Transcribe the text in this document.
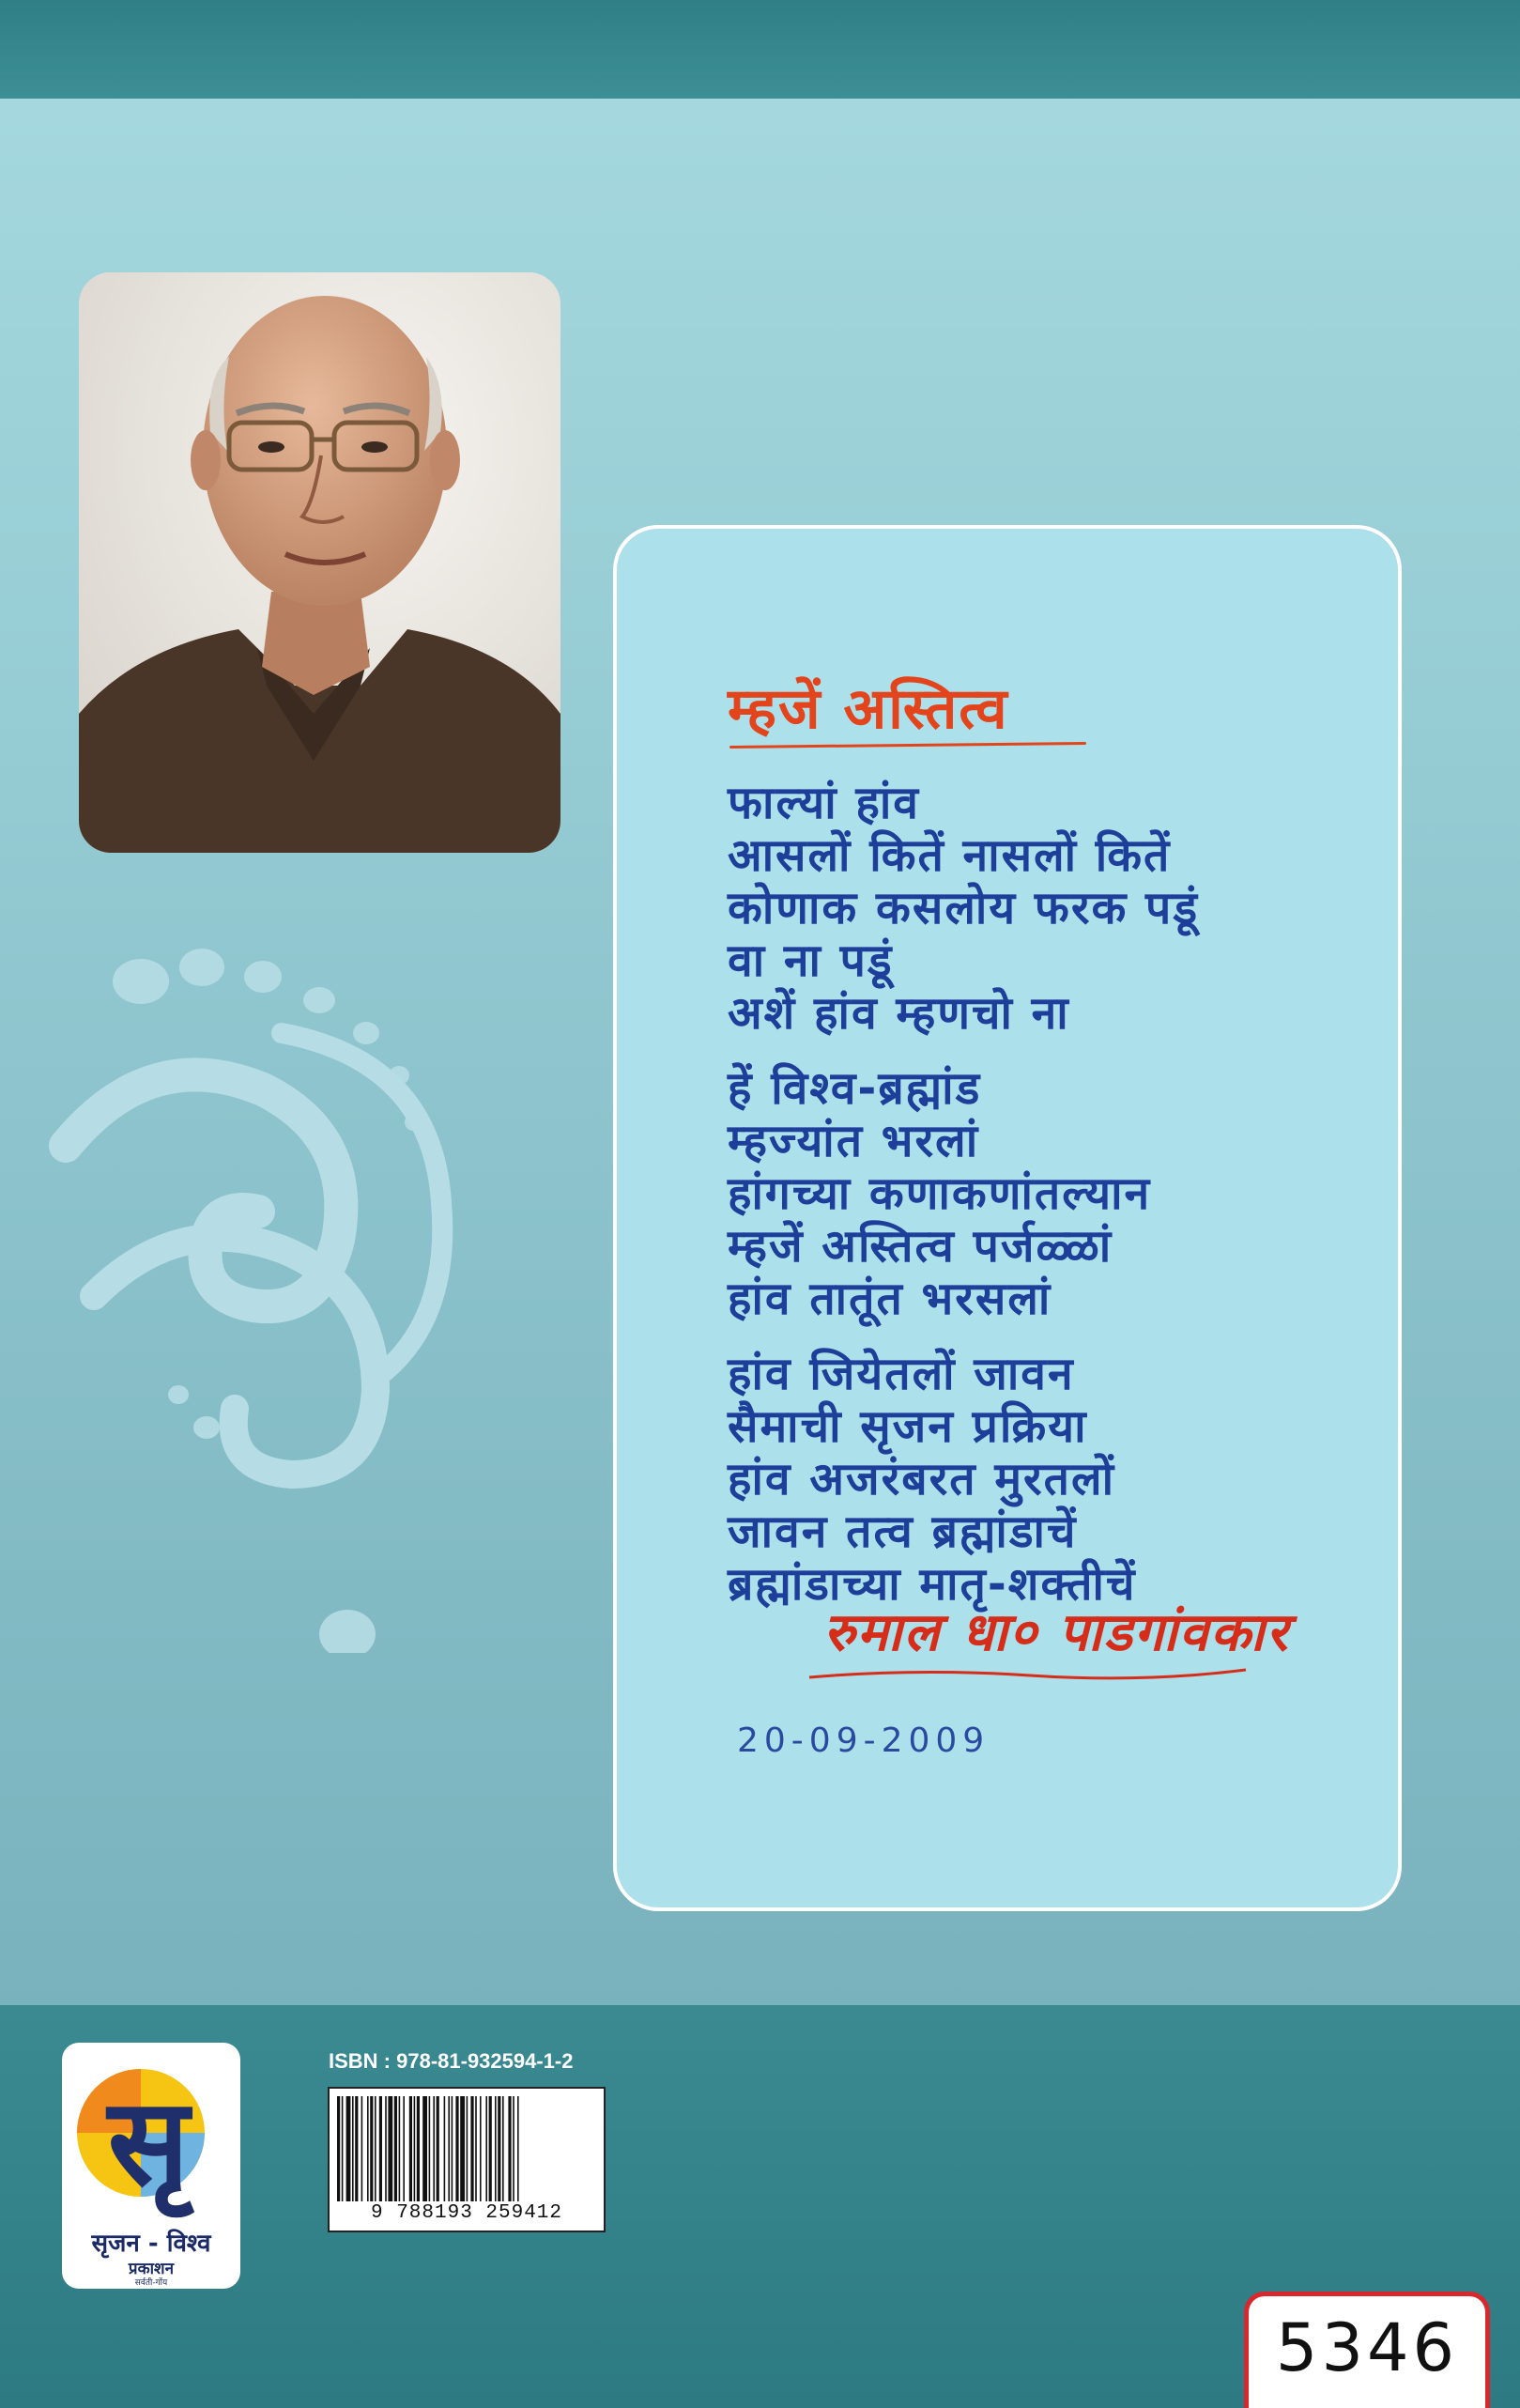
म्हजें अस्तित्व
फाल्यां हांव
आसलों कितें नासलों कितें
कोणाक कसलोय फरक पडूं
वा ना पडूं
अशें हांव म्हणचो ना
हें विश्व-ब्रह्मांड
म्हज्यांत भरलां
हांगच्या कणाकणांतल्यान
म्हजें अस्तित्व पर्जळ्ळां
हांव तातूंत भरसलां
हांव जियेतलों जावन
सैमाची सृजन प्रक्रिया
हांव अजरंबरत मुरतलों
जावन तत्व ब्रह्मांडाचें
ब्रह्मांडाच्या मातृ-शक्तीचें
रुमाल धा० पाडगांवकार
20-09-2009
सृ
सृजन - विश्व
प्रकाशन
सर्वती-गोंय
ISBN : 978-81-932594-1-2
9 788193 259412
5346
